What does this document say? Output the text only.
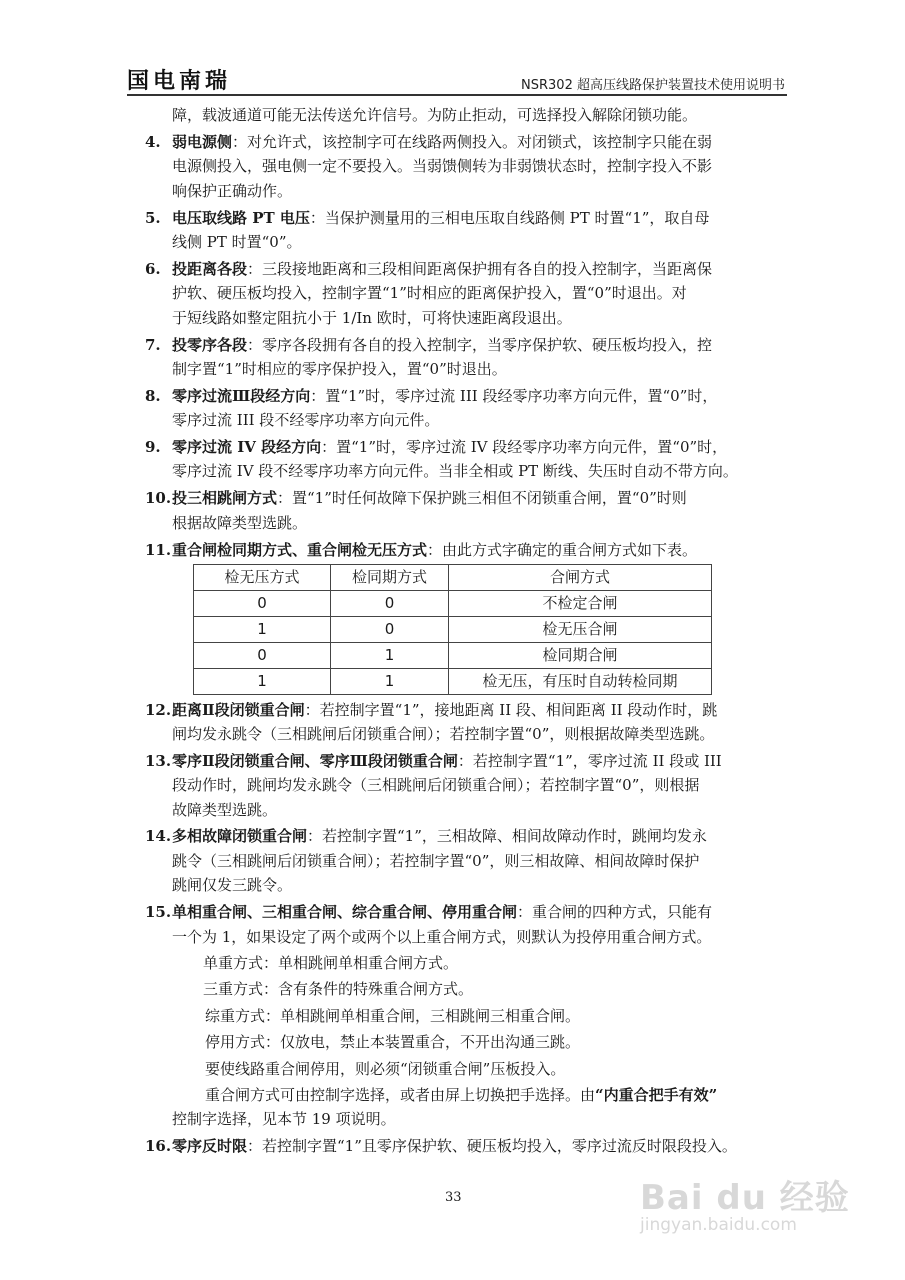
国电南瑞	NSR302 超高压线路保护装置技术使用说明书
障，载波通道可能无法传送允许信号。为防止拒动，可选择投入解除闭锁功能。
4. 弱电源侧：对允许式，该控制字可在线路两侧投入。对闭锁式，该控制字只能在弱
电源侧投入，强电侧一定不要投入。当弱馈侧转为非弱馈状态时，控制字投入不影
响保护正确动作。
5. 电压取线路 PT 电压：当保护测量用的三相电压取自线路侧 PT 时置“1”，取自母
线侧 PT 时置“0”。
6. 投距离各段：三段接地距离和三段相间距离保护拥有各自的投入控制字，当距离保
护软、硬压板均投入，控制字置“1”时相应的距离保护投入，置“0”时退出。对
于短线路如整定阻抗小于 1/In 欧时，可将快速距离段退出。
7. 投零序各段：零序各段拥有各自的投入控制字，当零序保护软、硬压板均投入，控
制字置“1”时相应的零序保护投入，置“0”时退出。
8. 零序过流Ⅲ段经方向：置“1”时，零序过流 III 段经零序功率方向元件，置“0”时，
零序过流 III 段不经零序功率方向元件。
9. 零序过流 IV 段经方向：置“1”时，零序过流 IV 段经零序功率方向元件，置“0”时，
零序过流 IV 段不经零序功率方向元件。当非全相或 PT 断线、失压时自动不带方向。
10. 投三相跳闸方式：置“1”时任何故障下保护跳三相但不闭锁重合闸，置“0”时则
根据故障类型选跳。
11. 重合闸检同期方式、重合闸检无压方式：由此方式字确定的重合闸方式如下表。
检无压方式	检同期方式	合闸方式
0	0	不检定合闸
1	0	检无压合闸
0	1	检同期合闸
1	1	检无压，有压时自动转检同期
12. 距离Ⅱ段闭锁重合闸：若控制字置“1”，接地距离 II 段、相间距离 II 段动作时，跳
闸均发永跳令（三相跳闸后闭锁重合闸）；若控制字置“0”，则根据故障类型选跳。
13. 零序Ⅱ段闭锁重合闸、零序Ⅲ段闭锁重合闸：若控制字置“1”，零序过流 II 段或 III
段动作时，跳闸均发永跳令（三相跳闸后闭锁重合闸）；若控制字置“0”，则根据
故障类型选跳。
14. 多相故障闭锁重合闸：若控制字置“1”，三相故障、相间故障动作时，跳闸均发永
跳令（三相跳闸后闭锁重合闸）；若控制字置“0”，则三相故障、相间故障时保护
跳闸仅发三跳令。
15. 单相重合闸、三相重合闸、综合重合闸、停用重合闸：重合闸的四种方式，只能有
一个为 1，如果设定了两个或两个以上重合闸方式，则默认为投停用重合闸方式。
单重方式：单相跳闸单相重合闸方式。
三重方式：含有条件的特殊重合闸方式。
综重方式：单相跳闸单相重合闸，三相跳闸三相重合闸。
停用方式：仅放电，禁止本装置重合，不开出沟通三跳。
要使线路重合闸停用，则必须“闭锁重合闸”压板投入。
重合闸方式可由控制字选择，或者由屏上切换把手选择。由“内重合把手有效”
控制字选择，见本节 19 项说明。
16. 零序反时限：若控制字置“1”且零序保护软、硬压板均投入，零序过流反时限段投入。
33	Bai du 经验
jingyan.baidu.com
